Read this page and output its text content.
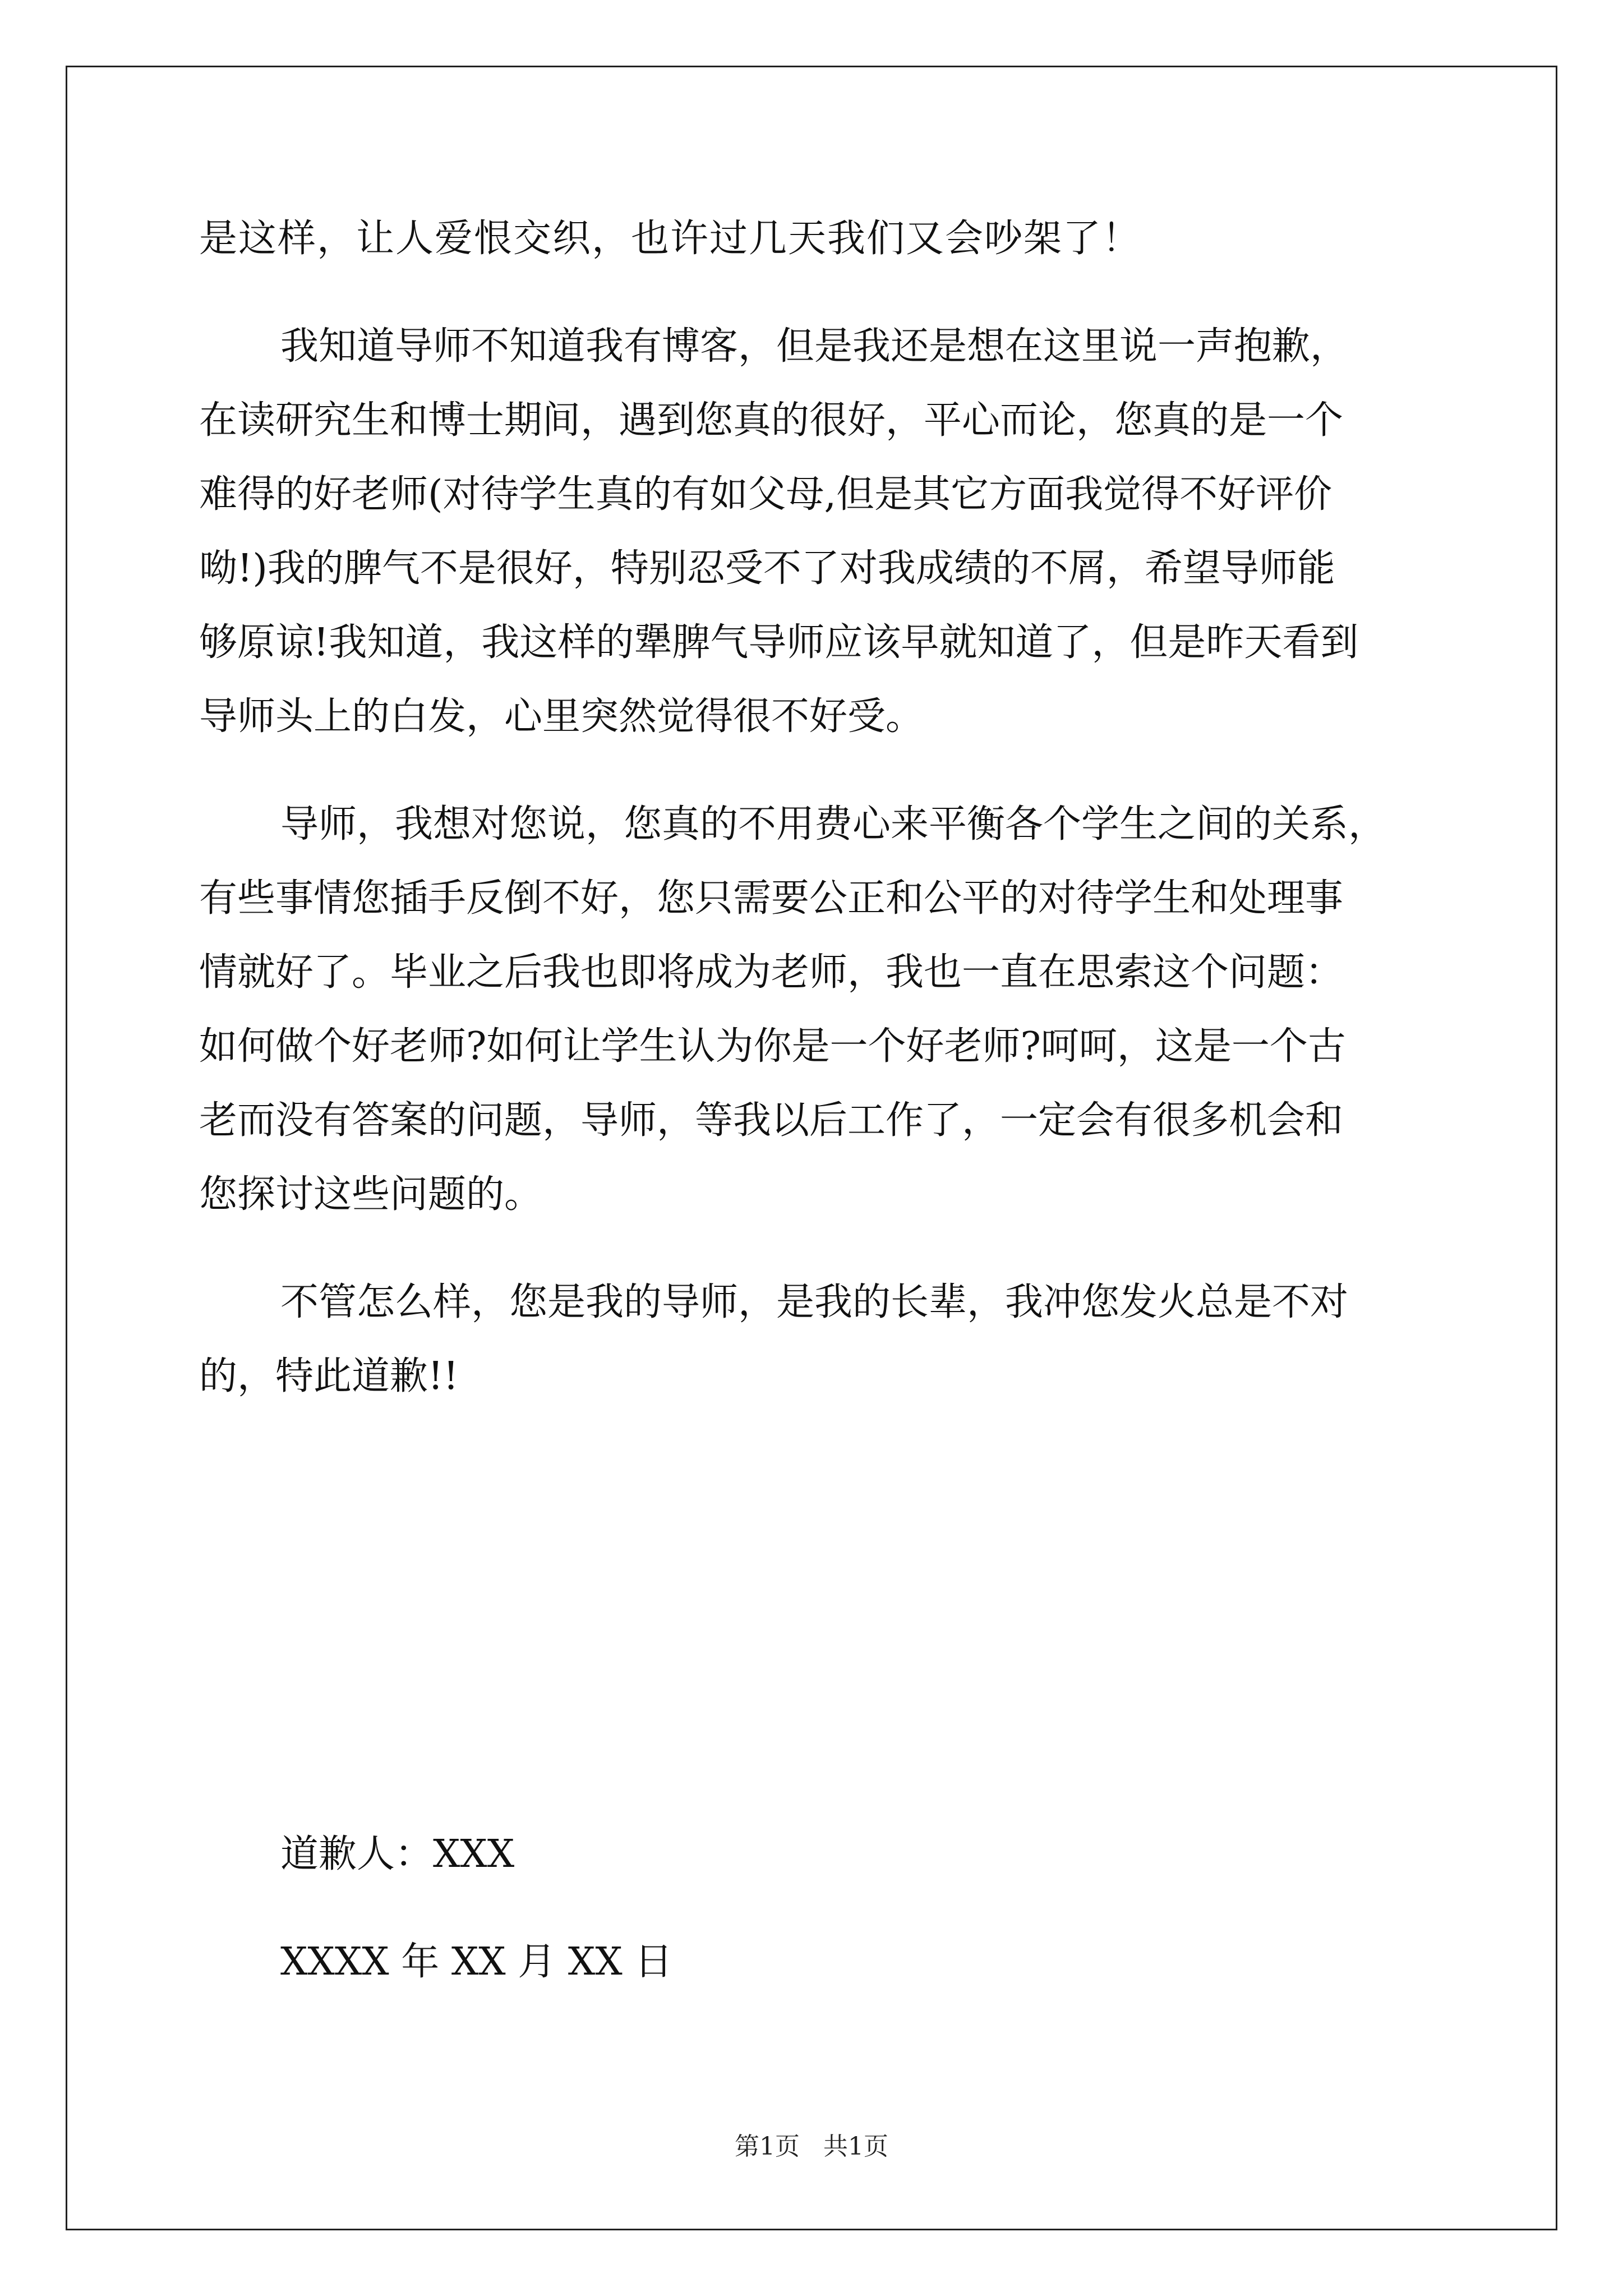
是这样，让人爱恨交织，也许过几天我们又会吵架了！
我知道导师不知道我有博客，但是我还是想在这里说一声抱歉，
在读研究生和博士期间，遇到您真的很好，平心而论，您真的是一个
难得的好老师(对待学生真的有如父母,但是其它方面我觉得不好评价
呦!)我的脾气不是很好，特别忍受不了对我成绩的不屑，希望导师能
够原谅!我知道，我这样的犟脾气导师应该早就知道了，但是昨天看到
导师头上的白发，心里突然觉得很不好受。
导师，我想对您说，您真的不用费心来平衡各个学生之间的关系，
有些事情您插手反倒不好，您只需要公正和公平的对待学生和处理事
情就好了。毕业之后我也即将成为老师，我也一直在思索这个问题：
如何做个好老师?如何让学生认为你是一个好老师?呵呵，这是一个古
老而没有答案的问题，导师，等我以后工作了，一定会有很多机会和
您探讨这些问题的。
不管怎么样，您是我的导师，是我的长辈，我冲您发火总是不对
的，特此道歉!!
道歉人：XXX
XXXX 年 XX 月 XX 日
第1页 共1页
